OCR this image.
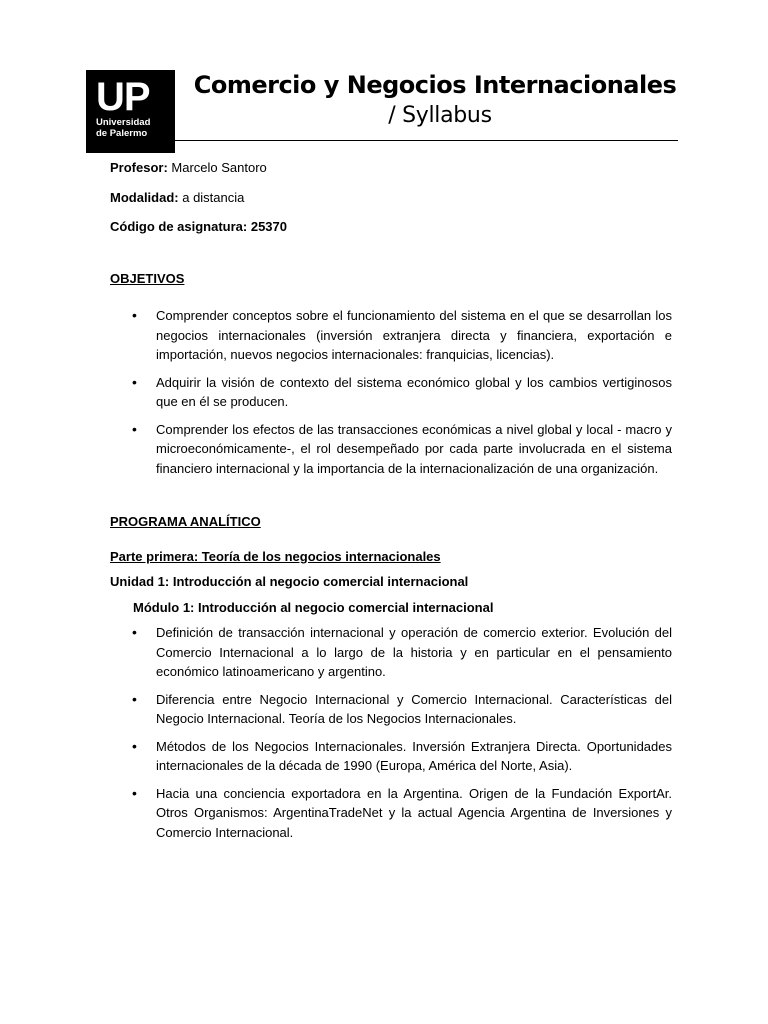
UP
Universidad
de Palermo
Comercio y Negocios Internacionales
/ Syllabus

Profesor: Marcelo Santoro

Modalidad: a distancia

Código de asignatura: 25370

OBJETIVOS

• Comprender conceptos sobre el funcionamiento del sistema en el que se desarrollan los negocios internacionales (inversión extranjera directa y financiera, exportación e importación, nuevos negocios internacionales: franquicias, licencias).
• Adquirir la visión de contexto del sistema económico global y los cambios vertiginosos que en él se producen.
• Comprender los efectos de las transacciones económicas a nivel global y local - macro y microeconómicamente-, el rol desempeñado por cada parte involucrada en el sistema financiero internacional y la importancia de la internacionalización de una organización.

PROGRAMA ANALÍTICO

Parte primera: Teoría de los negocios internacionales

Unidad 1: Introducción al negocio comercial internacional

Módulo 1: Introducción al negocio comercial internacional

• Definición de transacción internacional y operación de comercio exterior. Evolución del Comercio Internacional a lo largo de la historia y en particular en el pensamiento económico latinoamericano y argentino.
• Diferencia entre Negocio Internacional y Comercio Internacional. Características del Negocio Internacional. Teoría de los Negocios Internacionales.
• Métodos de los Negocios Internacionales. Inversión Extranjera Directa. Oportunidades internacionales de la década de 1990 (Europa, América del Norte, Asia).
• Hacia una conciencia exportadora en la Argentina. Origen de la Fundación ExportAr. Otros Organismos: ArgentinaTradeNet y la actual Agencia Argentina de Inversiones y Comercio Internacional.
